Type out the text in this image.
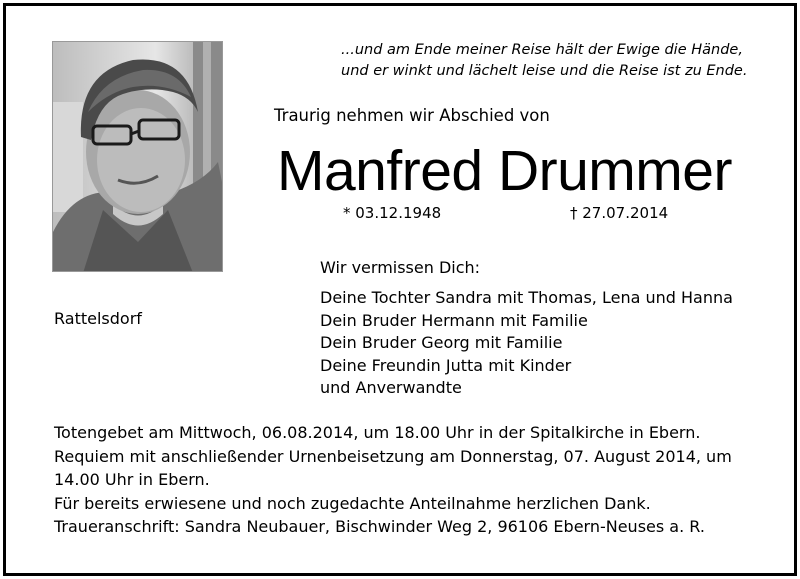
...und am Ende meiner Reise hält der Ewige die Hände,
und er winkt und lächelt leise und die Reise ist zu Ende.
Traurig nehmen wir Abschied von
Manfred Drummer
* 03.12.1948	† 27.07.2014
Rattelsdorf
Wir vermissen Dich:
Deine Tochter Sandra mit Thomas, Lena und Hanna
Dein Bruder Hermann mit Familie
Dein Bruder Georg mit Familie
Deine Freundin Jutta mit Kinder
und Anverwandte
Totengebet am Mittwoch, 06.08.2014, um 18.00 Uhr in der Spitalkirche in Ebern.
Requiem mit anschließender Urnenbeisetzung am Donnerstag, 07. August 2014, um
14.00 Uhr in Ebern.
Für bereits erwiesene und noch zugedachte Anteilnahme herzlichen Dank.
Traueranschrift: Sandra Neubauer, Bischwinder Weg 2, 96106 Ebern-Neuses a. R.
